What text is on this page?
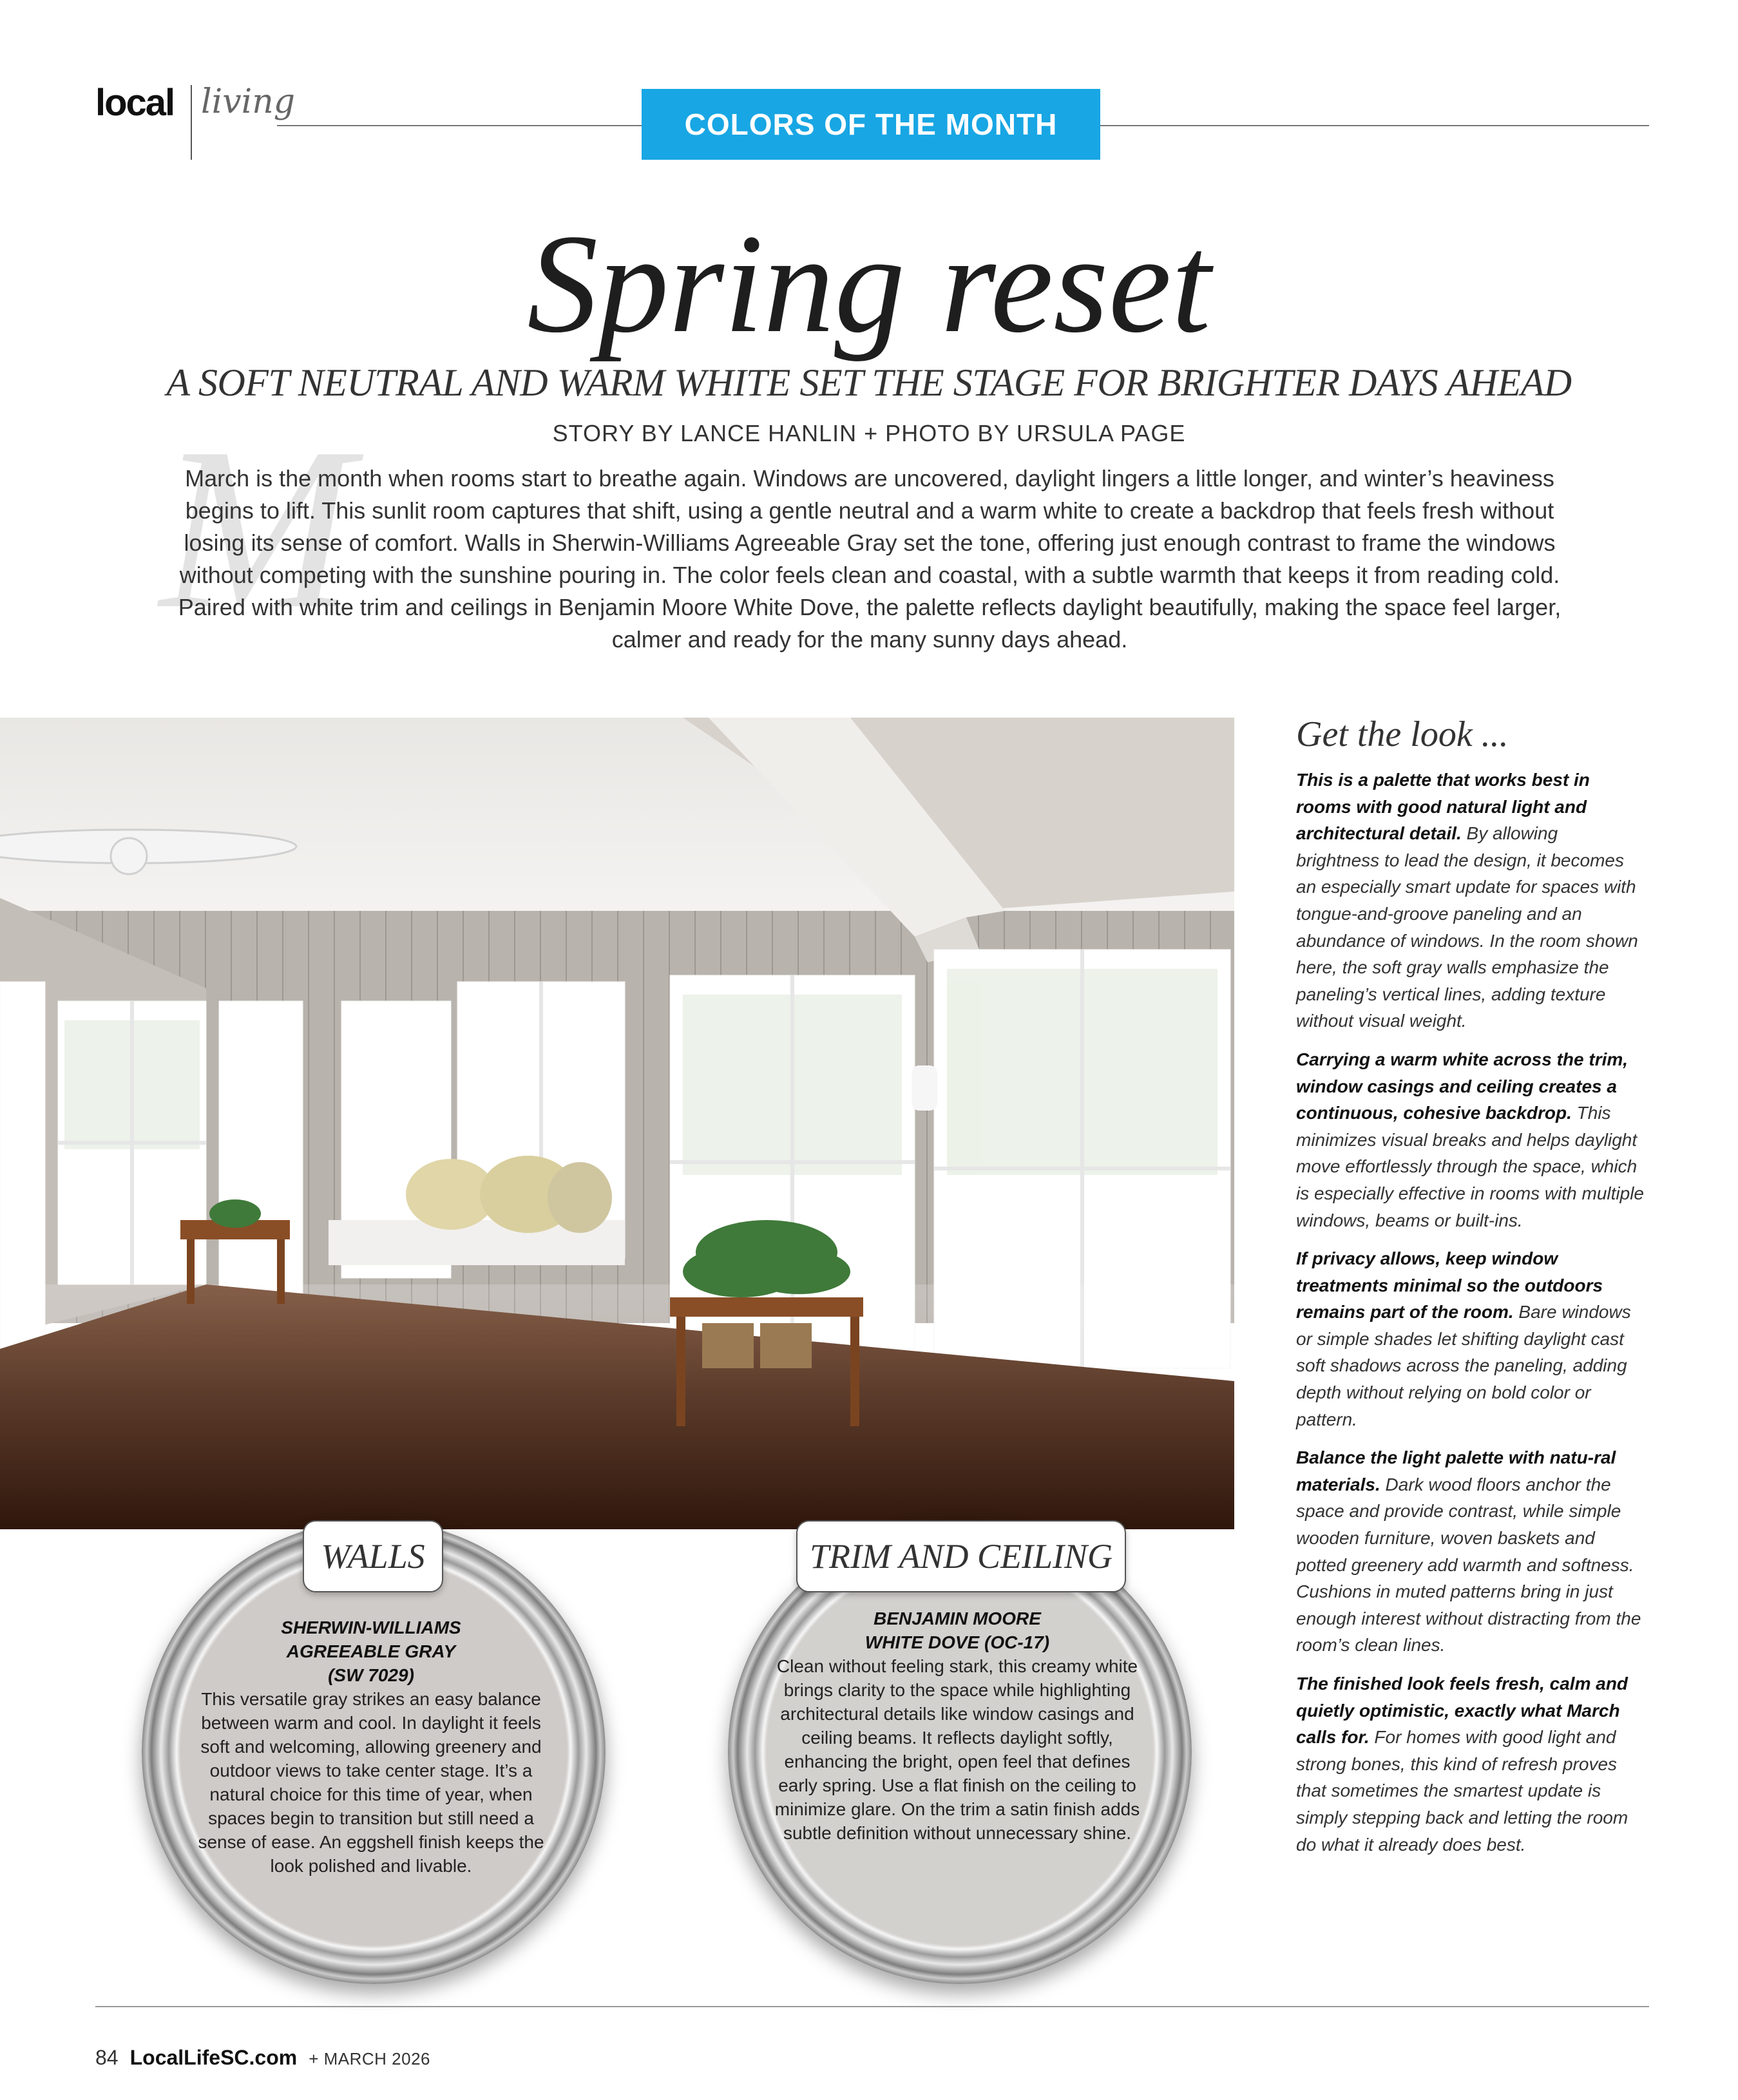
local living
COLORS OF THE MONTH
Spring reset
A SOFT NEUTRAL AND WARM WHITE SET THE STAGE FOR BRIGHTER DAYS AHEAD
STORY BY LANCE HANLIN + PHOTO BY URSULA PAGE
M

March is the month when rooms start to breathe again. Windows are uncovered, daylight lingers a little longer, and winter’s heaviness begins to lift. This sunlit room captures that shift, using a gentle neutral and a warm white to create a backdrop that feels fresh without losing its sense of comfort. Walls in Sherwin-Williams Agreeable Gray set the tone, offering just enough contrast to frame the windows without competing with the sunshine pouring in. The color feels clean and coastal, with a subtle warmth that keeps it from reading cold. Paired with white trim and ceilings in Benjamin Moore White Dove, the palette reflects daylight beautifully, making the space feel larger, calmer and ready for the many sunny days ahead.

Get the look ...

This is a palette that works best in rooms with good natural light and architectural detail. By allowing brightness to lead the design, it becomes an especially smart update for spaces with tongue-and-groove paneling and an abundance of windows. In the room shown here, the soft gray walls emphasize the paneling’s vertical lines, adding texture without visual weight.

Carrying a warm white across the trim, window casings and ceiling creates a continuous, cohesive backdrop. This minimizes visual breaks and helps daylight move effortlessly through the space, which is especially effective in rooms with multiple windows, beams or built-ins.

If privacy allows, keep window treatments minimal so the outdoors remains part of the room. Bare windows or simple shades let shifting daylight cast soft shadows across the paneling, adding depth without relying on bold color or pattern.

Balance the light palette with natu-ral materials. Dark wood floors anchor the space and provide contrast, while simple wooden furniture, woven baskets and potted greenery add warmth and softness. Cushions in muted patterns bring in just enough interest without distracting from the room’s clean lines.

The finished look feels fresh, calm and quietly optimistic, exactly what March calls for. For homes with good light and strong bones, this kind of refresh proves that sometimes the smartest update is simply stepping back and letting the room do what it already does best.

WALLS	TRIM AND CEILING
SHERWIN-WILLIAMS
AGREEABLE GRAY
(SW 7029)
This versatile gray strikes an easy balance between warm and cool. In daylight it feels soft and welcoming, allowing greenery and outdoor views to take center stage. It’s a natural choice for this time of year, when spaces begin to transition but still need a sense of ease. An eggshell finish keeps the look polished and livable.
BENJAMIN MOORE
WHITE DOVE (OC-17)
Clean without feeling stark, this creamy white brings clarity to the space while highlighting architectural details like window casings and ceiling beams. It reflects daylight softly, enhancing the bright, open feel that defines early spring. Use a flat finish on the ceiling to minimize glare. On the trim a satin finish adds subtle definition without unnecessary shine.
84 LocalLifeSC.com + MARCH 2026
